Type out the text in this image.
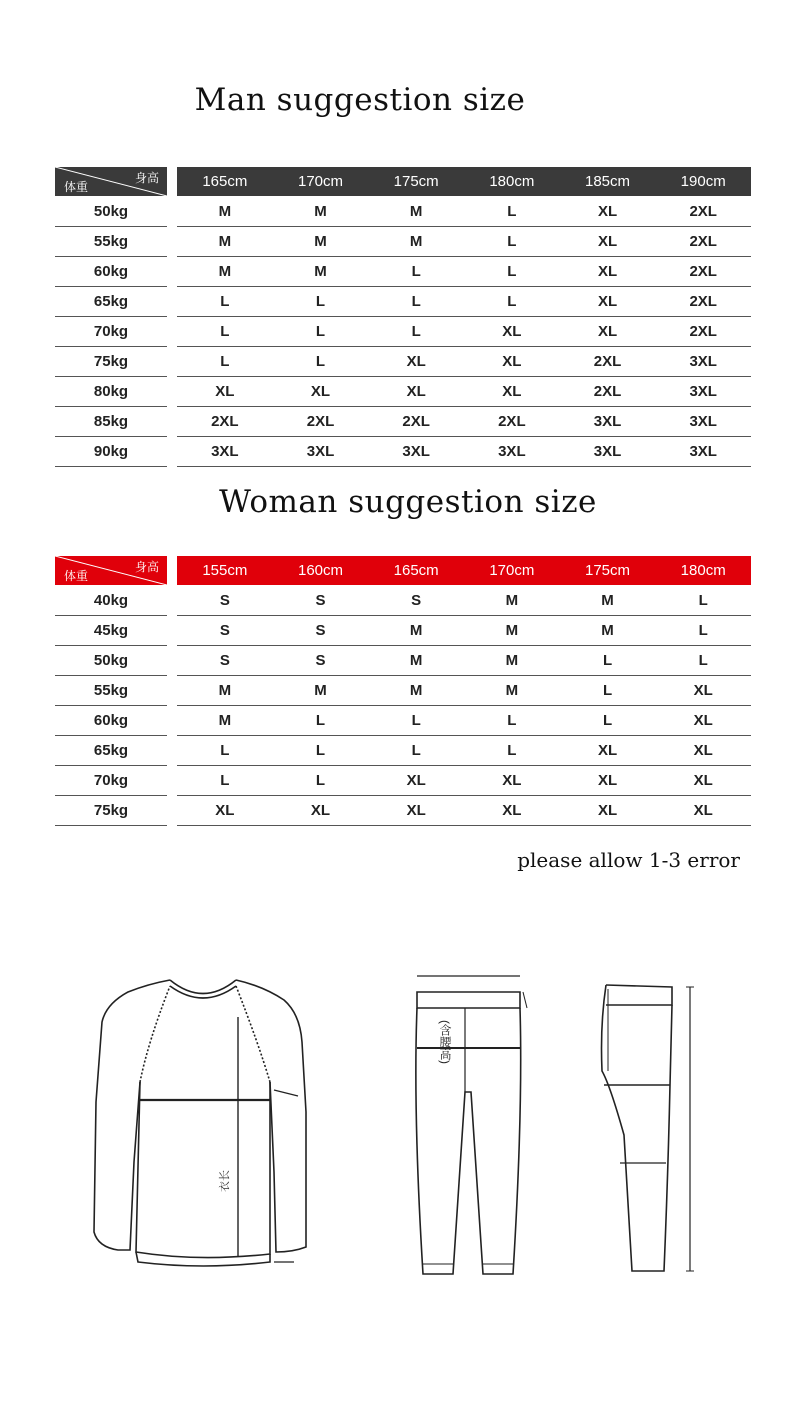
Man suggestion size
身高
体重	165cm	170cm	175cm	180cm	185cm	190cm
50kg	M	M	M	L	XL	2XL
55kg	M	M	M	L	XL	2XL
60kg	M	M	L	L	XL	2XL
65kg	L	L	L	L	XL	2XL
70kg	L	L	L	XL	XL	2XL
75kg	L	L	XL	XL	2XL	3XL
80kg	XL	XL	XL	XL	2XL	3XL
85kg	2XL	2XL	2XL	2XL	3XL	3XL
90kg	3XL	3XL	3XL	3XL	3XL	3XL
Woman suggestion size
身高
体重	155cm	160cm	165cm	170cm	175cm	180cm
40kg	S	S	S	M	M	L
45kg	S	S	M	M	M	L
50kg	S	S	M	M	L	L
55kg	M	M	M	M	L	XL
60kg	M	L	L	L	L	XL
65kg	L	L	L	L	XL	XL
70kg	L	L	XL	XL	XL	XL
75kg	XL	XL	XL	XL	XL	XL
please allow 1-3 error
衣长
(含腰高)
